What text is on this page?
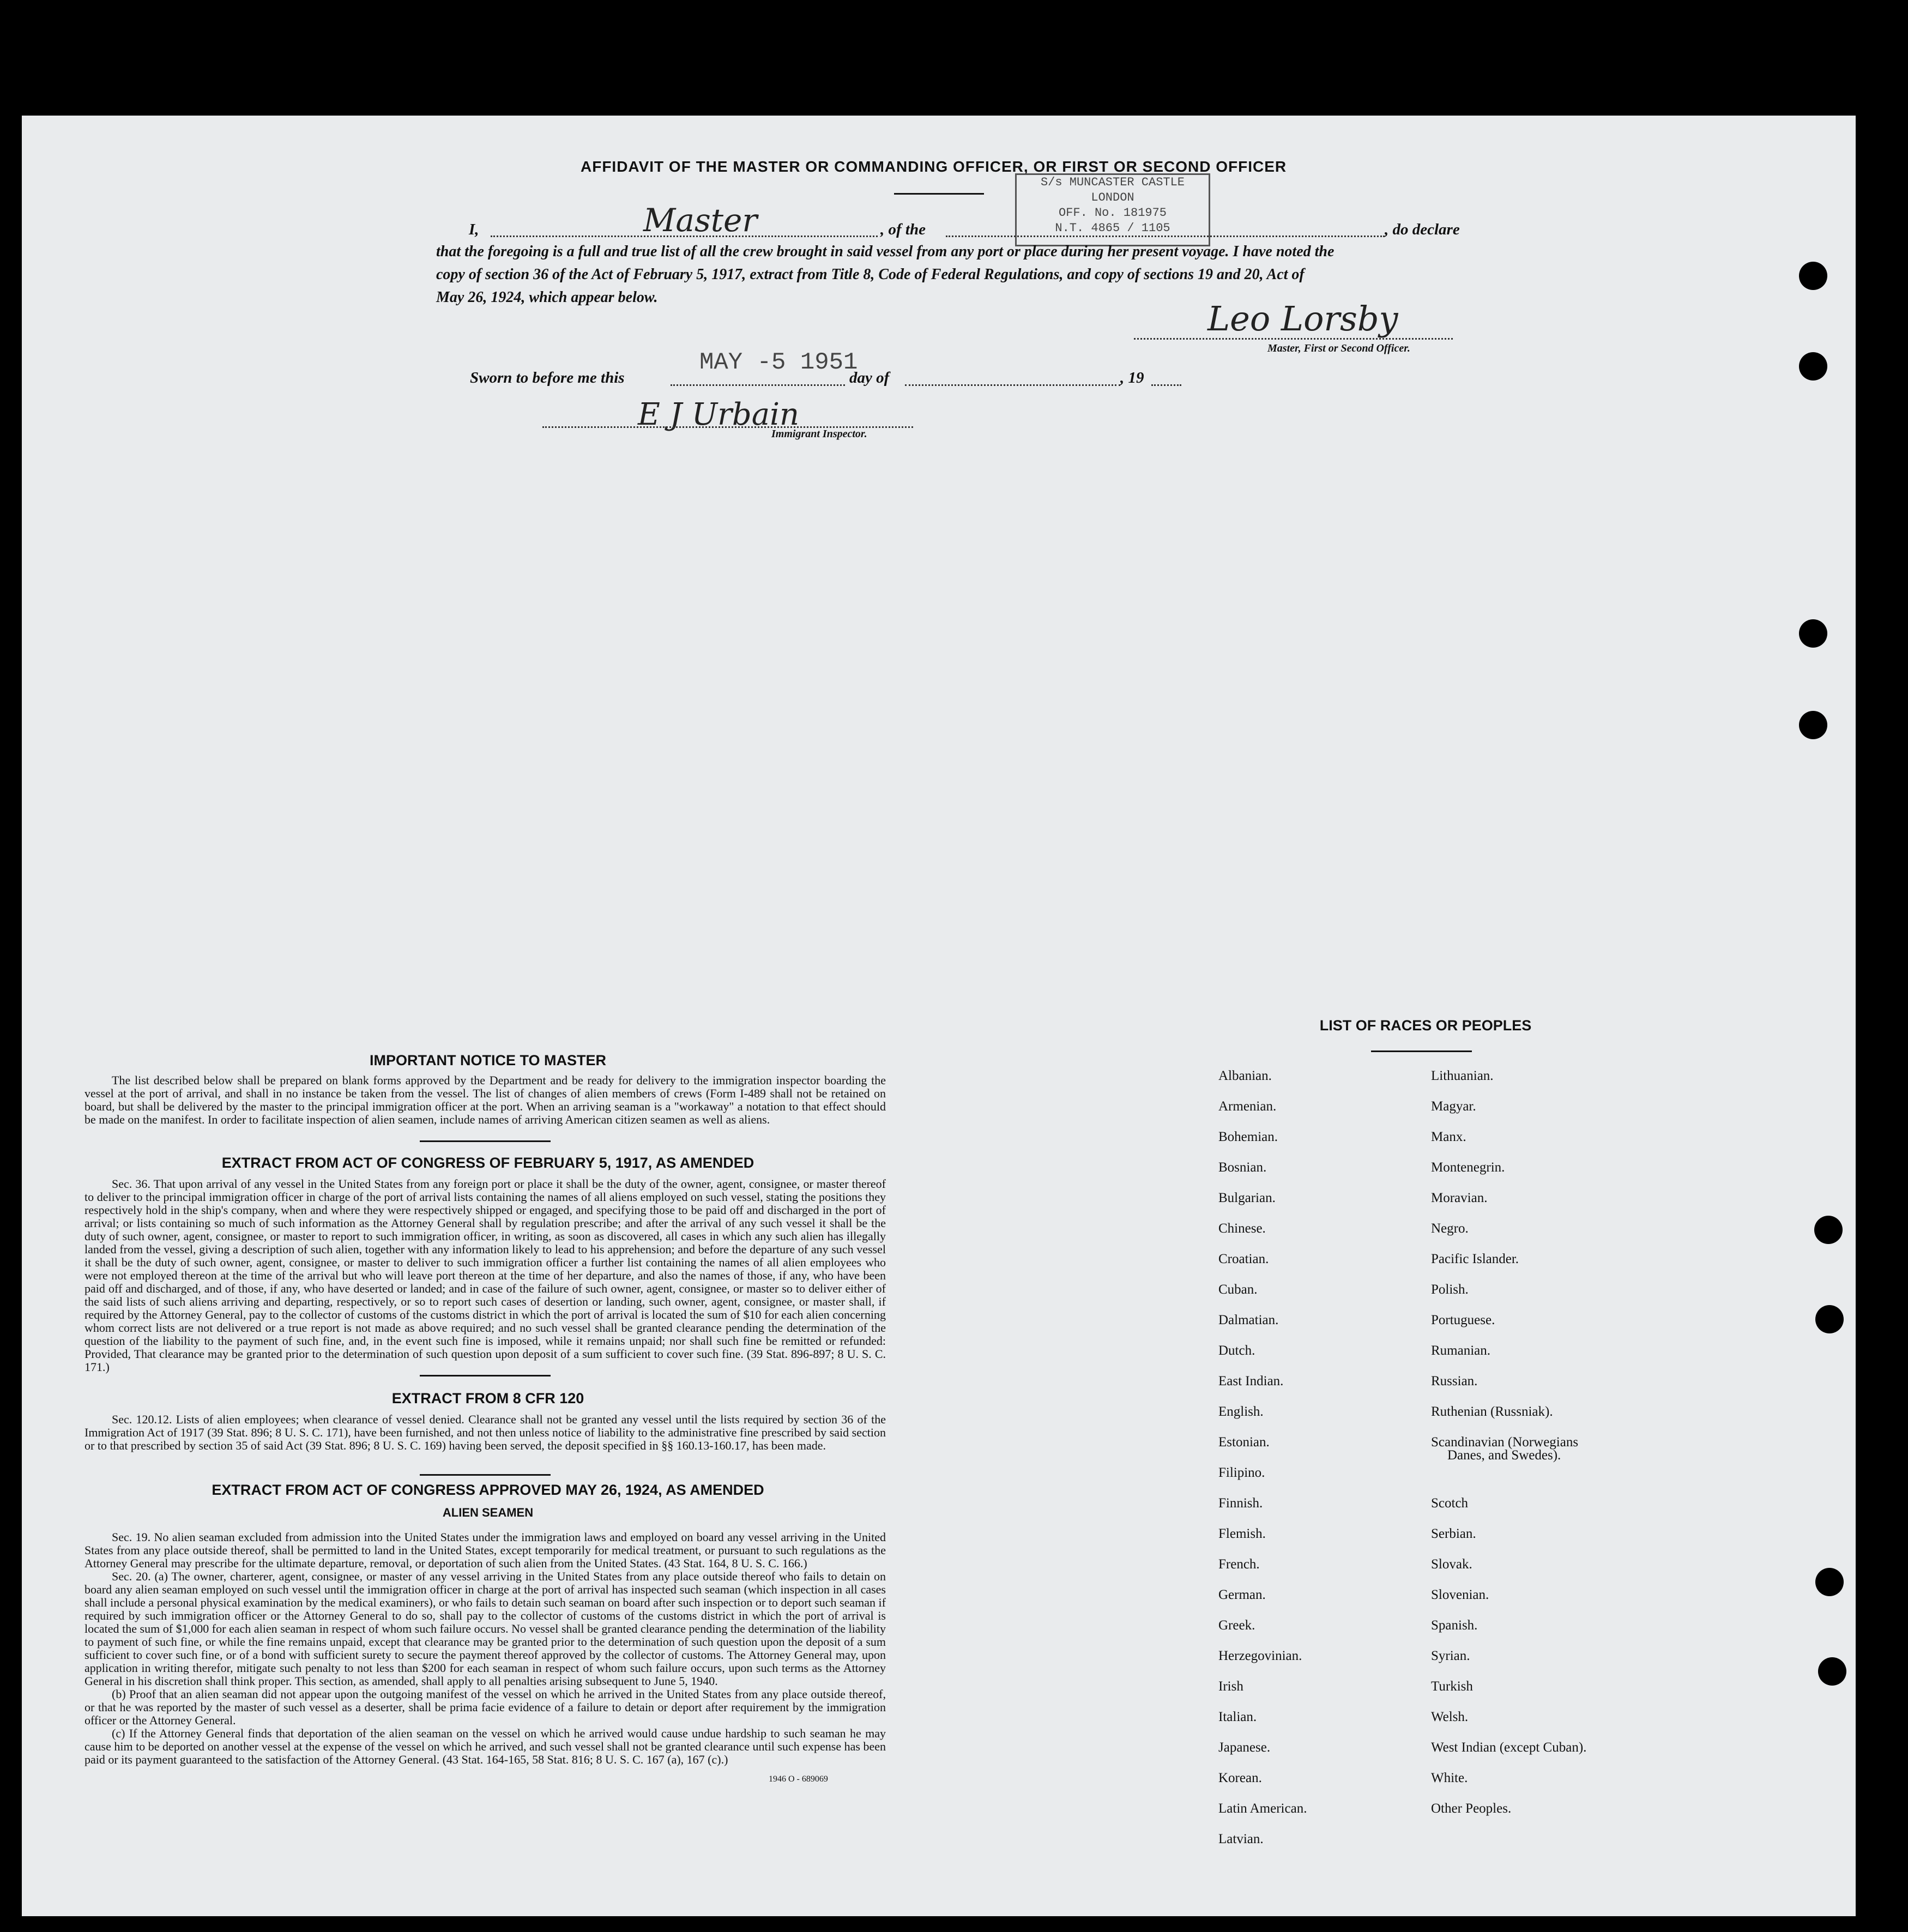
AFFIDAVIT OF THE MASTER OR COMMANDING OFFICER, OR FIRST OR SECOND OFFICER
S/s MUNCASTER CASTLE
LONDON
OFF. No. 181975
N.T. 4865 / 1105
I,	Master	, of the	, do declare
that the foregoing is a full and true list of all the crew brought in said vessel from any port or place during her present voyage. I have noted the
copy of section 36 of the Act of February 5, 1917, extract from Title 8, Code of Federal Regulations, and copy of sections 19 and 20, Act of
May 26, 1924, which appear below.
Leo Lorsby
Master, First or Second Officer.
Sworn to before me this
MAY -5 1951
day of	, 19
E J Urbain
Immigrant Inspector.
IMPORTANT NOTICE TO MASTER

The list described below shall be prepared on blank forms approved by the Department and be ready for delivery to the immigration inspector boarding the vessel at the port of arrival, and shall in no instance be taken from the vessel. The list of changes of alien members of crews (Form I-489 shall not be retained on board, but shall be delivered by the master to the principal immigration officer at the port. When an arriving seaman is a "workaway" a notation to that effect should be made on the manifest. In order to facilitate inspection of alien seamen, include names of arriving American citizen seamen as well as aliens.

EXTRACT FROM ACT OF CONGRESS OF FEBRUARY 5, 1917, AS AMENDED

Sec. 36. That upon arrival of any vessel in the United States from any foreign port or place it shall be the duty of the owner, agent, consignee, or master thereof to deliver to the principal immigration officer in charge of the port of arrival lists containing the names of all aliens employed on such vessel, stating the positions they respectively hold in the ship's company, when and where they were respectively shipped or engaged, and specifying those to be paid off and discharged in the port of arrival; or lists containing so much of such information as the Attorney General shall by regulation prescribe; and after the arrival of any such vessel it shall be the duty of such owner, agent, consignee, or master to report to such immigration officer, in writing, as soon as discovered, all cases in which any such alien has illegally landed from the vessel, giving a description of such alien, together with any information likely to lead to his apprehension; and before the departure of any such vessel it shall be the duty of such owner, agent, consignee, or master to deliver to such immigration officer a further list containing the names of all alien employees who were not employed thereon at the time of the arrival but who will leave port thereon at the time of her departure, and also the names of those, if any, who have been paid off and discharged, and of those, if any, who have deserted or landed; and in case of the failure of such owner, agent, consignee, or master so to deliver either of the said lists of such aliens arriving and departing, respectively, or so to report such cases of desertion or landing, such owner, agent, consignee, or master shall, if required by the Attorney General, pay to the collector of customs of the customs district in which the port of arrival is located the sum of $10 for each alien concerning whom correct lists are not delivered or a true report is not made as above required; and no such vessel shall be granted clearance pending the determination of the question of the liability to the payment of such fine, and, in the event such fine is imposed, while it remains unpaid; nor shall such fine be remitted or refunded: Provided, That clearance may be granted prior to the determination of such question upon deposit of a sum sufficient to cover such fine. (39 Stat. 896-897; 8 U. S. C. 171.)

EXTRACT FROM 8 CFR 120

Sec. 120.12. Lists of alien employees; when clearance of vessel denied. Clearance shall not be granted any vessel until the lists required by section 36 of the Immigration Act of 1917 (39 Stat. 896; 8 U. S. C. 171), have been furnished, and not then unless notice of liability to the administrative fine prescribed by said section or to that prescribed by section 35 of said Act (39 Stat. 896; 8 U. S. C. 169) having been served, the deposit specified in §§ 160.13-160.17, has been made.

EXTRACT FROM ACT OF CONGRESS APPROVED MAY 26, 1924, AS AMENDED
ALIEN SEAMEN

Sec. 19. No alien seaman excluded from admission into the United States under the immigration laws and employed on board any vessel arriving in the United States from any place outside thereof, shall be permitted to land in the United States, except temporarily for medical treatment, or pursuant to such regulations as the Attorney General may prescribe for the ultimate departure, removal, or deportation of such alien from the United States. (43 Stat. 164, 8 U. S. C. 166.)

Sec. 20. (a) The owner, charterer, agent, consignee, or master of any vessel arriving in the United States from any place outside thereof who fails to detain on board any alien seaman employed on such vessel until the immigration officer in charge at the port of arrival has inspected such seaman (which inspection in all cases shall include a personal physical examination by the medical examiners), or who fails to detain such seaman on board after such inspection or to deport such seaman if required by such immigration officer or the Attorney General to do so, shall pay to the collector of customs of the customs district in which the port of arrival is located the sum of $1,000 for each alien seaman in respect of whom such failure occurs. No vessel shall be granted clearance pending the determination of the liability to payment of such fine, or while the fine remains unpaid, except that clearance may be granted prior to the determination of such question upon the deposit of a sum sufficient to cover such fine, or of a bond with sufficient surety to secure the payment thereof approved by the collector of customs. The Attorney General may, upon application in writing therefor, mitigate such penalty to not less than $200 for each seaman in respect of whom such failure occurs, upon such terms as the Attorney General in his discretion shall think proper. This section, as amended, shall apply to all penalties arising subsequent to June 5, 1940.

(b) Proof that an alien seaman did not appear upon the outgoing manifest of the vessel on which he arrived in the United States from any place outside thereof, or that he was reported by the master of such vessel as a deserter, shall be prima facie evidence of a failure to detain or deport after requirement by the immigration officer or the Attorney General.

(c) If the Attorney General finds that deportation of the alien seaman on the vessel on which he arrived would cause undue hardship to such seaman he may cause him to be deported on another vessel at the expense of the vessel on which he arrived, and such vessel shall not be granted clearance until such expense has been paid or its payment guaranteed to the satisfaction of the Attorney General. (43 Stat. 164-165, 58 Stat. 816; 8 U. S. C. 167 (a), 167 (c).)

1946 O - 689069
LIST OF RACES OR PEOPLES
Albanian.
Armenian.
Bohemian.
Bosnian.
Bulgarian.
Chinese.
Croatian.
Cuban.
Dalmatian.
Dutch.
East Indian.
English.
Estonian.
Filipino.
Finnish.
Flemish.
French.
German.
Greek.
Herzegovinian.
Irish
Italian.
Japanese.
Korean.
Latin American.
Latvian.
Lithuanian.
Magyar.
Manx.
Montenegrin.
Moravian.
Negro.
Pacific Islander.
Polish.
Portuguese.
Rumanian.
Russian.
Ruthenian (Russniak).
Scandinavian (Norwegians
Danes, and Swedes).
Scotch
Serbian.
Slovak.
Slovenian.
Spanish.
Syrian.
Turkish
Welsh.
West Indian (except Cuban).
White.
Other Peoples.
